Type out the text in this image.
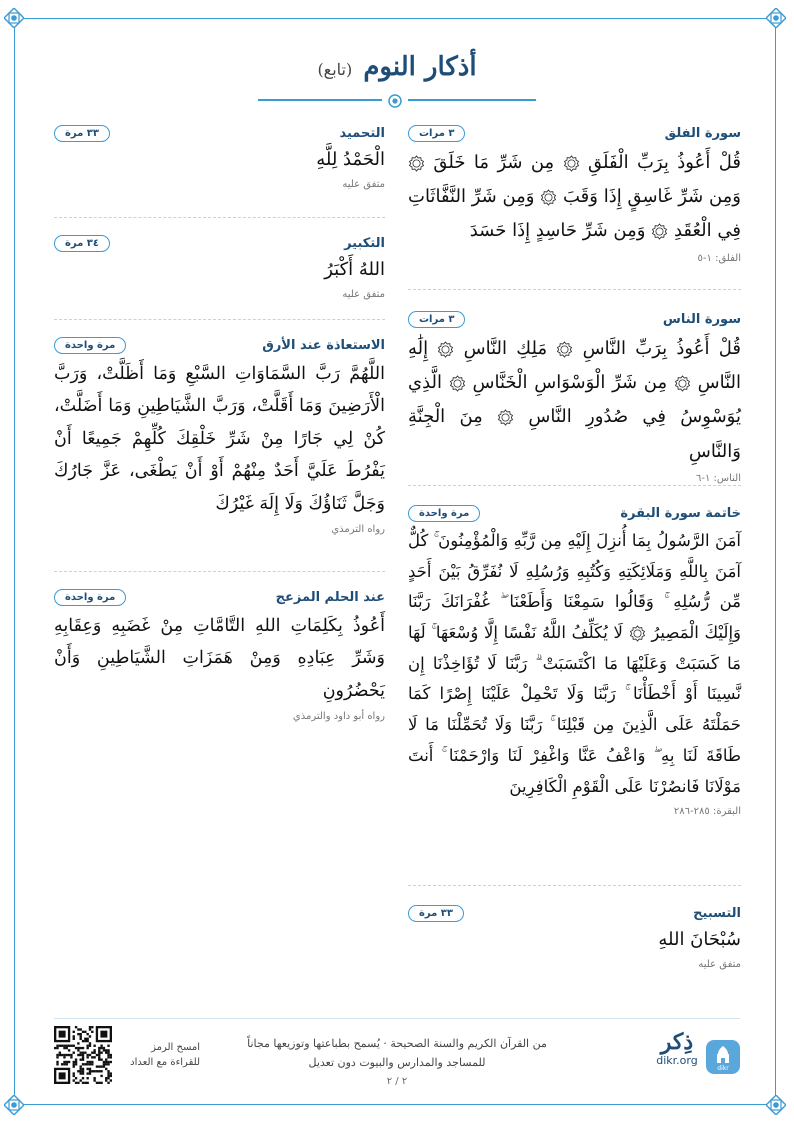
أذكار النوم (تابع)
سورة الفلق
٣ مرات
قُلْ أَعُوذُ بِرَبِّ الْفَلَقِ
مِن شَرِّ مَا خَلَقَ
وَمِن شَرِّ غَاسِقٍ إِذَا وَقَبَ
وَمِن شَرِّ النَّفَّاثَاتِ فِي الْعُقَدِ
وَمِن شَرِّ حَاسِدٍ إِذَا حَسَدَ
الفلق: ١-٥
سورة الناس
٣ مرات
قُلْ أَعُوذُ بِرَبِّ النَّاسِ
مَلِكِ النَّاسِ
إِلَٰهِ النَّاسِ
مِن شَرِّ الْوَسْوَاسِ الْخَنَّاسِ
الَّذِي يُوَسْوِسُ فِي صُدُورِ النَّاسِ
مِنَ الْجِنَّةِ وَالنَّاسِ
الناس: ١-٦
خاتمة سورة البقرة
مرة واحدة
آمَنَ الرَّسُولُ بِمَا أُنزِلَ إِلَيْهِ مِن رَّبِّهِ وَالْمُؤْمِنُونَ ۚ كُلٌّ آمَنَ بِاللَّهِ وَمَلَائِكَتِهِ وَكُتُبِهِ وَرُسُلِهِ لَا نُفَرِّقُ بَيْنَ أَحَدٍ مِّن رُّسُلِهِ ۚ وَقَالُوا سَمِعْنَا وَأَطَعْنَا ۖ غُفْرَانَكَ رَبَّنَا وَإِلَيْكَ الْمَصِيرُ
لَا يُكَلِّفُ اللَّهُ نَفْسًا إِلَّا وُسْعَهَا ۚ لَهَا مَا كَسَبَتْ وَعَلَيْهَا مَا اكْتَسَبَتْ ۗ رَبَّنَا لَا تُؤَاخِذْنَا إِن نَّسِينَا أَوْ أَخْطَأْنَا ۚ رَبَّنَا وَلَا تَحْمِلْ عَلَيْنَا إِصْرًا كَمَا حَمَلْتَهُ عَلَى الَّذِينَ مِن قَبْلِنَا ۚ رَبَّنَا وَلَا تُحَمِّلْنَا مَا لَا طَاقَةَ لَنَا بِهِ ۖ وَاعْفُ عَنَّا وَاغْفِرْ لَنَا وَارْحَمْنَا ۚ أَنتَ مَوْلَانَا فَانصُرْنَا عَلَى الْقَوْمِ الْكَافِرِينَ
البقرة: ٢٨٥-٢٨٦
التسبيح
٣٣ مرة
سُبْحَانَ اللهِ
متفق عليه
التحميد
٣٣ مرة
الْحَمْدُ لِلَّهِ
متفق عليه
التكبير
٣٤ مرة
اللهُ أَكْبَرُ
متفق عليه
الاستعاذة عند الأرق
مرة واحدة
اللَّهُمَّ رَبَّ السَّمَاوَاتِ السَّبْعِ وَمَا أَظَلَّتْ، وَرَبَّ الْأَرَضِينَ وَمَا أَقَلَّتْ، وَرَبَّ الشَّيَاطِينِ وَمَا أَضَلَّتْ، كُنْ لِي جَارًا مِنْ شَرِّ خَلْقِكَ كُلِّهِمْ جَمِيعًا أَنْ يَفْرُطَ عَلَيَّ أَحَدٌ مِنْهُمْ أَوْ أَنْ يَطْغَى، عَزَّ جَارُكَ وَجَلَّ ثَنَاؤُكَ وَلَا إِلَهَ غَيْرُكَ
رواه الترمذي
عند الحلم المزعج
مرة واحدة
أَعُوذُ بِكَلِمَاتِ اللهِ التَّامَّاتِ مِنْ غَضَبِهِ وَعِقَابِهِ وَشَرِّ عِبَادِهِ وَمِنْ هَمَزَاتِ الشَّيَاطِينِ وَأَنْ يَحْضُرُونِ
رواه أبو داود والترمذي
امسح الرمز للقراءة مع العداد
من القرآن الكريم والسنة الصحيحة · يُسمح بطباعتها وتوزيعها مجاناً للمساجد والمدارس والبيوت دون تعديل
٢ / ٢
ذِكر
dikr.org
dikr
